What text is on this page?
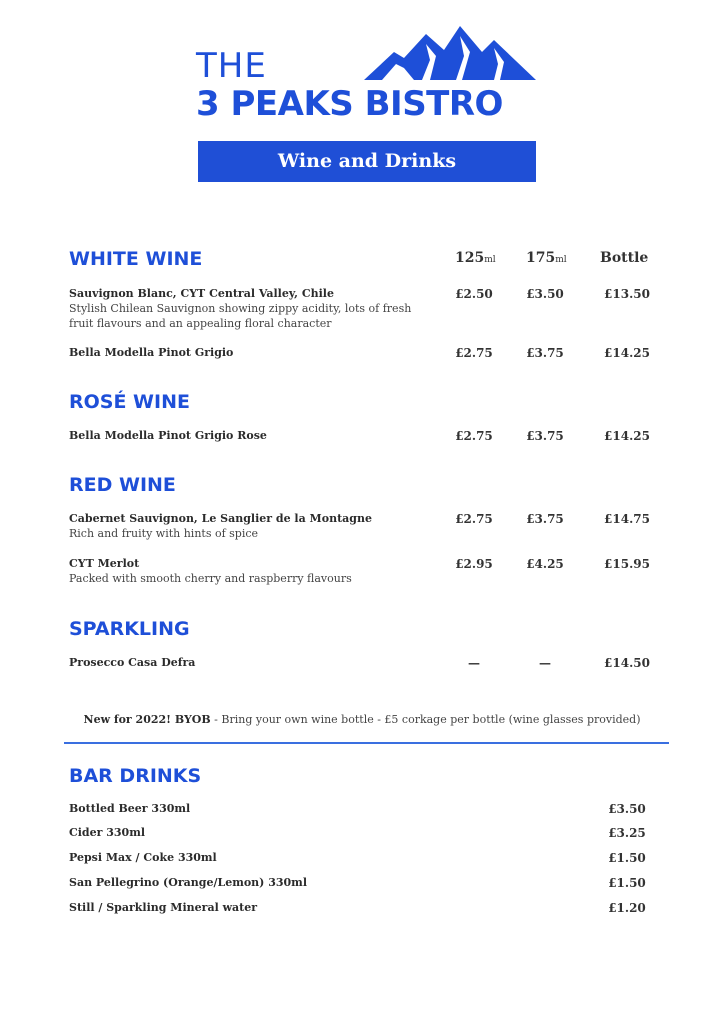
THE
3 PEAKS BISTRO
Wine and Drinks
125ml 175ml Bottle
WHITE WINE
Sauvignon Blanc, CYT Central Valley, Chile
Stylish Chilean Sauvignon showing zippy acidity, lots of fresh fruit flavours and an appealing floral character
£2.50	£3.50	£13.50
Bella Modella Pinot Grigio	£2.75	£3.75	£14.25
ROSÉ WINE
Bella Modella Pinot Grigio Rose	£2.75	£3.75	£14.25
RED WINE
Cabernet Sauvignon, Le Sanglier de la Montagne
Rich and fruity with hints of spice
£2.75	£3.75	£14.75
CYT Merlot
Packed with smooth cherry and raspberry flavours
£2.95	£4.25	£15.95
SPARKLING
Prosecco Casa Defra	—	—	£14.50
New for 2022! BYOB - Bring your own wine bottle - £5 corkage per bottle (wine glasses provided)
BAR DRINKS
Bottled Beer 330ml	£3.50
Cider 330ml	£3.25
Pepsi Max / Coke 330ml	£1.50
San Pellegrino (Orange/Lemon) 330ml	£1.50
Still / Sparkling Mineral water	£1.20
